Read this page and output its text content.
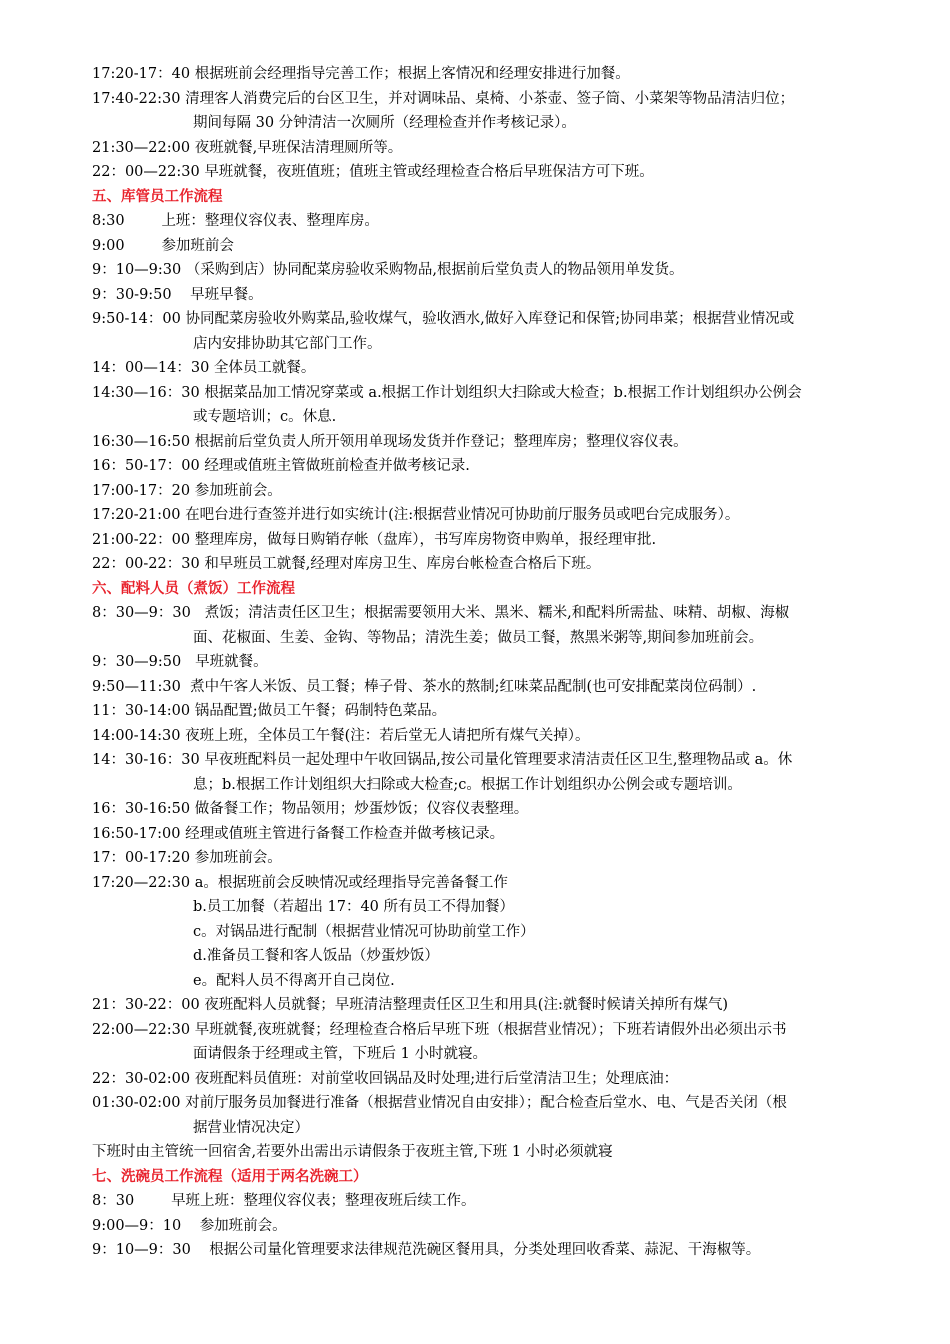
17:20-17：40
根据班前会经理指导完善工作；根据上客情况和经理安排进行加餐。
17:40-22:30
清理客人消费完后的台区卫生，并对调味品、桌椅、小茶壶、签子筒、小菜架等物品清洁归位；
期间每隔 30 分钟清洁一次厕所（经理检查并作考核记录）。
21:30—22:00
夜班就餐,早班保洁清理厕所等。
22：00—22:30
早班就餐，夜班值班；值班主管或经理检查合格后早班保洁方可下班。
五、库管员工作流程
8:30
	上班：整理仪容仪表、整理库房。
9:00
	参加班前会
9：10—9:30
（采购到店）协同配菜房验收采购物品,根据前后堂负责人的物品领用单发货。
9：30-9:50
早班早餐。
9:50-14：00
协同配菜房验收外购菜品,验收煤气，验收酒水,做好入库登记和保管;协同串菜；根据营业情况或
店内安排协助其它部门工作。
14：00—14：30
全体员工就餐。
14:30—16：30
根据菜品加工情况穿菜或 a.根据工作计划组织大扫除或大检查；b.根据工作计划组织办公例会
或专题培训；c。休息.
16:30—16:50
根据前后堂负责人所开领用单现场发货并作登记；整理库房；整理仪容仪表。
16：50-17：00
经理或值班主管做班前检查并做考核记录.
17:00-17：20
参加班前会。
17:20-21:00
在吧台进行查签并进行如实统计(注:根据营业情况可协助前厅服务员或吧台完成服务）。
21:00-22：00
整理库房，做每日购销存帐（盘库），书写库房物资申购单，报经理审批.
22：00-22：30
和早班员工就餐,经理对库房卫生、库房台帐检查合格后下班。
六、配料人员（煮饭）工作流程
8：30—9：30
煮饭；清洁责任区卫生；根据需要领用大米、黑米、糯米,和配料所需盐、味精、胡椒、海椒
面、花椒面、生姜、金钩、等物品；清洗生姜；做员工餐，熬黑米粥等,期间参加班前会。
9：30—9:50
早班就餐。
9:50—11:30
煮中午客人米饭、员工餐；棒子骨、茶水的熬制;红味菜品配制(也可安排配菜岗位码制）.
11：30-14:00
锅品配置;做员工午餐；码制特色菜品。
14:00-14:30
夜班上班，全体员工午餐(注：若后堂无人请把所有煤气关掉）。
14：30-16：30
早夜班配料员一起处理中午收回锅品,按公司量化管理要求清洁责任区卫生,整理物品或 a。休
息；b.根据工作计划组织大扫除或大检查;c。根据工作计划组织办公例会或专题培训。
16：30-16:50
做备餐工作；物品领用；炒蛋炒饭；仪容仪表整理。
16:50-17:00
经理或值班主管进行备餐工作检查并做考核记录。
17：00-17:20
参加班前会。
17:20—22:30
a。根据班前会反映情况或经理指导完善备餐工作
b.员工加餐（若超出 17：40 所有员工不得加餐）
c。对锅品进行配制（根据营业情况可协助前堂工作）
d.准备员工餐和客人饭品（炒蛋炒饭）
e。配料人员不得离开自己岗位.
21：30-22：00
夜班配料人员就餐；早班清洁整理责任区卫生和用具(注:就餐时候请关掉所有煤气)
22:00—22:30
早班就餐,夜班就餐；经理检查合格后早班下班（根据营业情况）；下班若请假外出必须出示书
面请假条于经理或主管，下班后 1 小时就寝。
22：30-02:00
夜班配料员值班：对前堂收回锅品及时处理;进行后堂清洁卫生；处理底油：
01:30-02:00
对前厅服务员加餐进行准备（根据营业情况自由安排）；配合检查后堂水、电、气是否关闭（根
据营业情况决定）
下班时由主管统一回宿舍,若要外出需出示请假条于夜班主管,下班 1 小时必须就寝
七、洗碗员工作流程（适用于两名洗碗工）
8：30
	早班上班：整理仪容仪表；整理夜班后续工作。
9:00—9：10
参加班前会。
9：10—9：30
根据公司量化管理要求法律规范洗碗区餐用具，分类处理回收香菜、蒜泥、干海椒等。
